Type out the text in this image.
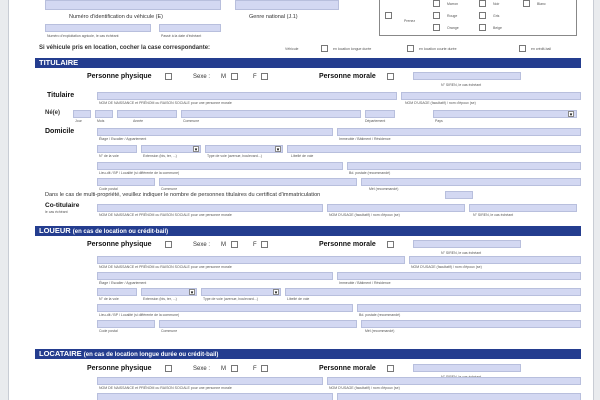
Numéro d'identification du véhicule (E)	Genre national (J.1)
Passé à la date d'échéant
Numéro d'exploitation agricole, le cas échéant
Prenez
Marron
Rouge
Orange
Noir
Gris
Beige
Blanc
Si véhicule pris en location, cocher la case correspondante:	Véhicule	en location longue durée	en location courte durée	en crédit-bail
TITULAIRE
Personne physique	Sexe : M	F	Personne morale
N° SIREN, le cas échéant
Titulaire
NOM DE NAISSANCE et PRÉNOM ou RAISON SOCIALE pour une personne morale	NOM D'USAGE (facultatif) / nom d'époux (se)
Né(e)	▾
Jour	Mois	Année	Commune	Département	Pays
Domicile
Étage / Escalier / Appartement	Immeuble / Bâtiment / Résidence
▾	▾
N° de la voie	Extension (bis, ter, ...)	Type de voie (avenue, boulevard...)	Libellé de voie
Lieu-dit / BP / Localité (si différente de la commune)	Bd. postale (recommandé)
Code postal	Commune	Mél (recommandé)
Dans le cas de multi-propriété, veuillez indiquer le nombre de personnes titulaires du certificat d'immatriculation
Co-titulaire
le cas échéant
NOM DE NAISSANCE et PRÉNOM ou RAISON SOCIALE pour une personne morale	NOM D'USAGE (facultatif) / nom d'époux (se)	N° SIREN, le cas échéant
LOUEUR (en cas de location ou crédit-bail)
Personne physique	Sexe : M	F	Personne morale
N° SIREN, le cas échéant
NOM DE NAISSANCE et PRÉNOM ou RAISON SOCIALE pour une personne morale	NOM D'USAGE (facultatif) / nom d'époux (se)
Étage / Escalier / Appartement	Immeuble / Bâtiment / Résidence
▾	▾
N° de la voie	Extension (bis, ter, ...)	Type de voie (avenue, boulevard...)	Libellé de voie
Lieu-dit / BP / Localité (si différente de la commune)	Bd. postale (recommandé)
Code postal	Commune	Mél (recommandé)
LOCATAIRE (en cas de location longue durée ou crédit-bail)
Personne physique	Sexe : M	F	Personne morale
NOM DE NAISSANCE et PRÉNOM ou RAISON SOCIALE pour une personne morale	NOM D'USAGE (facultatif) / nom d'époux (se)
